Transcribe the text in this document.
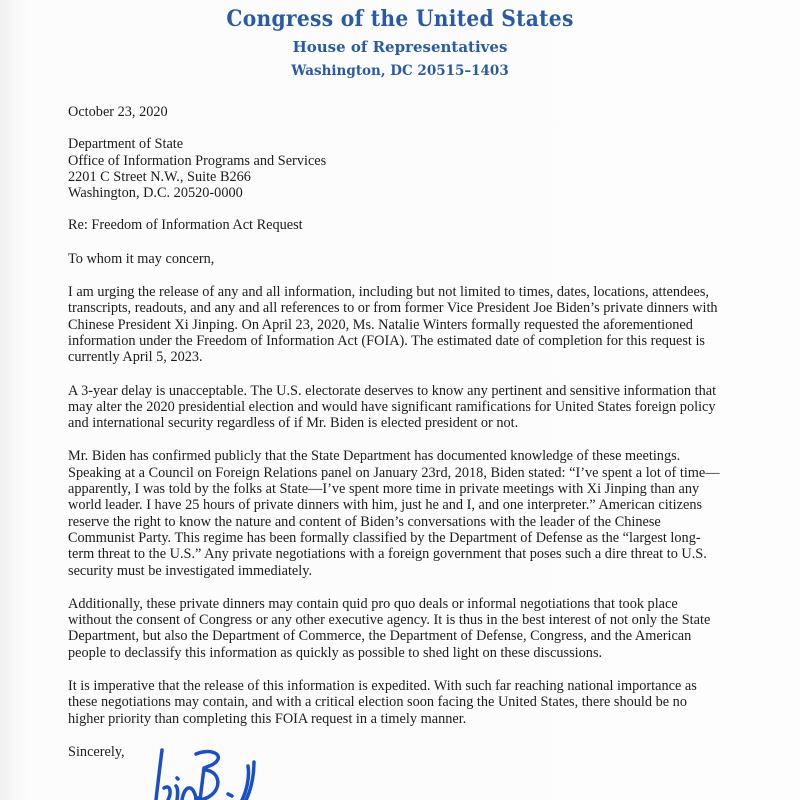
Congress of the United States
House of Representatives
Washington, DC 20515–1403

October 23, 2020

Department of State

Office of Information Programs and Services

2201 C Street N.W., Suite B266

Washington, D.C. 20520-0000

Re: Freedom of Information Act Request

To whom it may concern,

I am urging the release of any and all information, including but not limited to times, dates, locations, attendees,
transcripts, readouts, and any and all references to or from former Vice President Joe Biden’s private dinners with
Chinese President Xi Jinping. On April 23, 2020, Ms. Natalie Winters formally requested the aforementioned
information under the Freedom of Information Act (FOIA). The estimated date of completion for this request is
currently April 5, 2023.

A 3-year delay is unacceptable. The U.S. electorate deserves to know any pertinent and sensitive information that
may alter the 2020 presidential election and would have significant ramifications for United States foreign policy
and international security regardless of if Mr. Biden is elected president or not.

Mr. Biden has confirmed publicly that the State Department has documented knowledge of these meetings.
Speaking at a Council on Foreign Relations panel on January 23rd, 2018, Biden stated: “I’ve spent a lot of time—
apparently, I was told by the folks at State—I’ve spent more time in private meetings with Xi Jinping than any
world leader. I have 25 hours of private dinners with him, just he and I, and one interpreter.” American citizens
reserve the right to know the nature and content of Biden’s conversations with the leader of the Chinese
Communist Party. This regime has been formally classified by the Department of Defense as the “largest long-
term threat to the U.S.” Any private negotiations with a foreign government that poses such a dire threat to U.S.
security must be investigated immediately.

Additionally, these private dinners may contain quid pro quo deals or informal negotiations that took place
without the consent of Congress or any other executive agency. It is thus in the best interest of not only the State
Department, but also the Department of Commerce, the Department of Defense, Congress, and the American
people to declassify this information as quickly as possible to shed light on these discussions.

It is imperative that the release of this information is expedited. With such far reaching national importance as
these negotiations may contain, and with a critical election soon facing the United States, there should be no
higher priority than completing this FOIA request in a timely manner.

Sincerely,
